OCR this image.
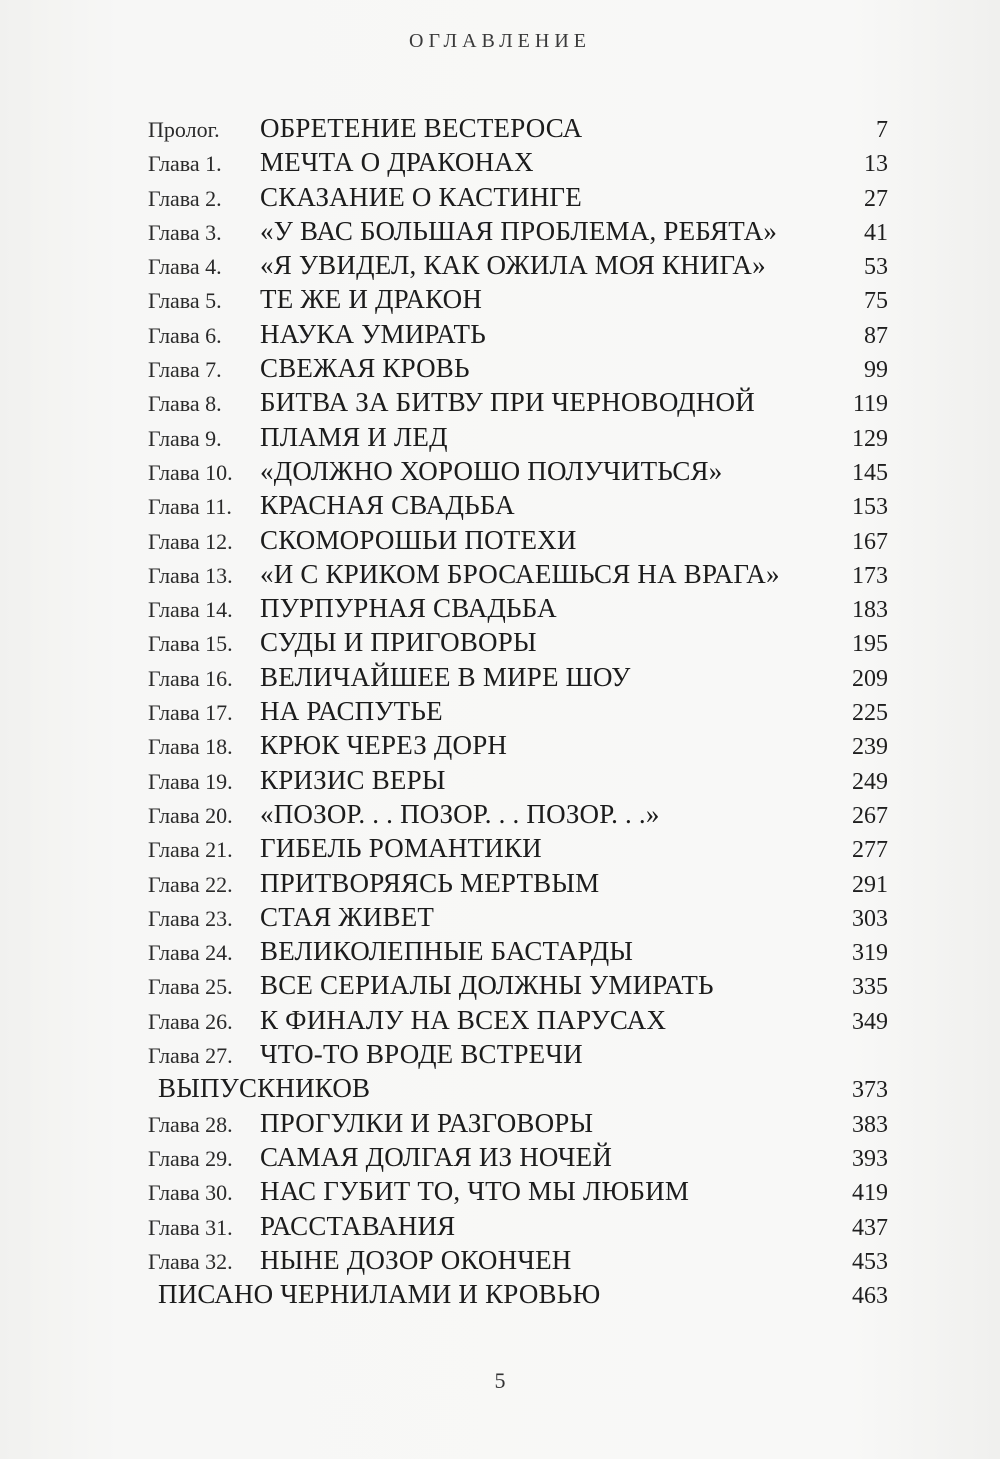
ОГЛАВЛЕНИЕ
Пролог.	ОБРЕТЕНИЕ ВЕСТЕРОСА	7
Глава 1.	МЕЧТА О ДРАКОНАХ	13
Глава 2.	СКАЗАНИЕ О КАСТИНГЕ	27
Глава 3.	«У ВАС БОЛЬШАЯ ПРОБЛЕМА, РЕБЯТА»	41
Глава 4.	«Я УВИДЕЛ, КАК ОЖИЛА МОЯ КНИГА»	53
Глава 5.	ТЕ ЖЕ И ДРАКОН	75
Глава 6.	НАУКА УМИРАТЬ	87
Глава 7.	СВЕЖАЯ КРОВЬ	99
Глава 8.	БИТВА ЗА БИТВУ ПРИ ЧЕРНОВОДНОЙ	119
Глава 9.	ПЛАМЯ И ЛЕД	129
Глава 10.	«ДОЛЖНО ХОРОШО ПОЛУЧИТЬСЯ»	145
Глава 11.	КРАСНАЯ СВАДЬБА	153
Глава 12.	СКОМОРОШЬИ ПОТЕХИ	167
Глава 13.	«И С КРИКОМ БРОСАЕШЬСЯ НА ВРАГА»	173
Глава 14.	ПУРПУРНАЯ СВАДЬБА	183
Глава 15.	СУДЫ И ПРИГОВОРЫ	195
Глава 16.	ВЕЛИЧАЙШЕЕ В МИРЕ ШОУ	209
Глава 17.	НА РАСПУТЬЕ	225
Глава 18.	КРЮК ЧЕРЕЗ ДОРН	239
Глава 19.	КРИЗИС ВЕРЫ	249
Глава 20.	«ПОЗОР. . . ПОЗОР. . . ПОЗОР. . .»	267
Глава 21.	ГИБЕЛЬ РОМАНТИКИ	277
Глава 22.	ПРИТВОРЯЯСЬ МЕРТВЫМ	291
Глава 23.	СТАЯ ЖИВЕТ	303
Глава 24.	ВЕЛИКОЛЕПНЫЕ БАСТАРДЫ	319
Глава 25.	ВСЕ СЕРИАЛЫ ДОЛЖНЫ УМИРАТЬ	335
Глава 26.	К ФИНАЛУ НА ВСЕХ ПАРУСАХ	349
Глава 27.	ЧТО-ТО ВРОДЕ ВСТРЕЧИ
ВЫПУСКНИКОВ	373
Глава 28.	ПРОГУЛКИ И РАЗГОВОРЫ	383
Глава 29.	САМАЯ ДОЛГАЯ ИЗ НОЧЕЙ	393
Глава 30.	НАС ГУБИТ ТО, ЧТО МЫ ЛЮБИМ	419
Глава 31.	РАССТАВАНИЯ	437
Глава 32.	НЫНЕ ДОЗОР ОКОНЧЕН	453
ПИСАНО ЧЕРНИЛАМИ И КРОВЬЮ	463
5
